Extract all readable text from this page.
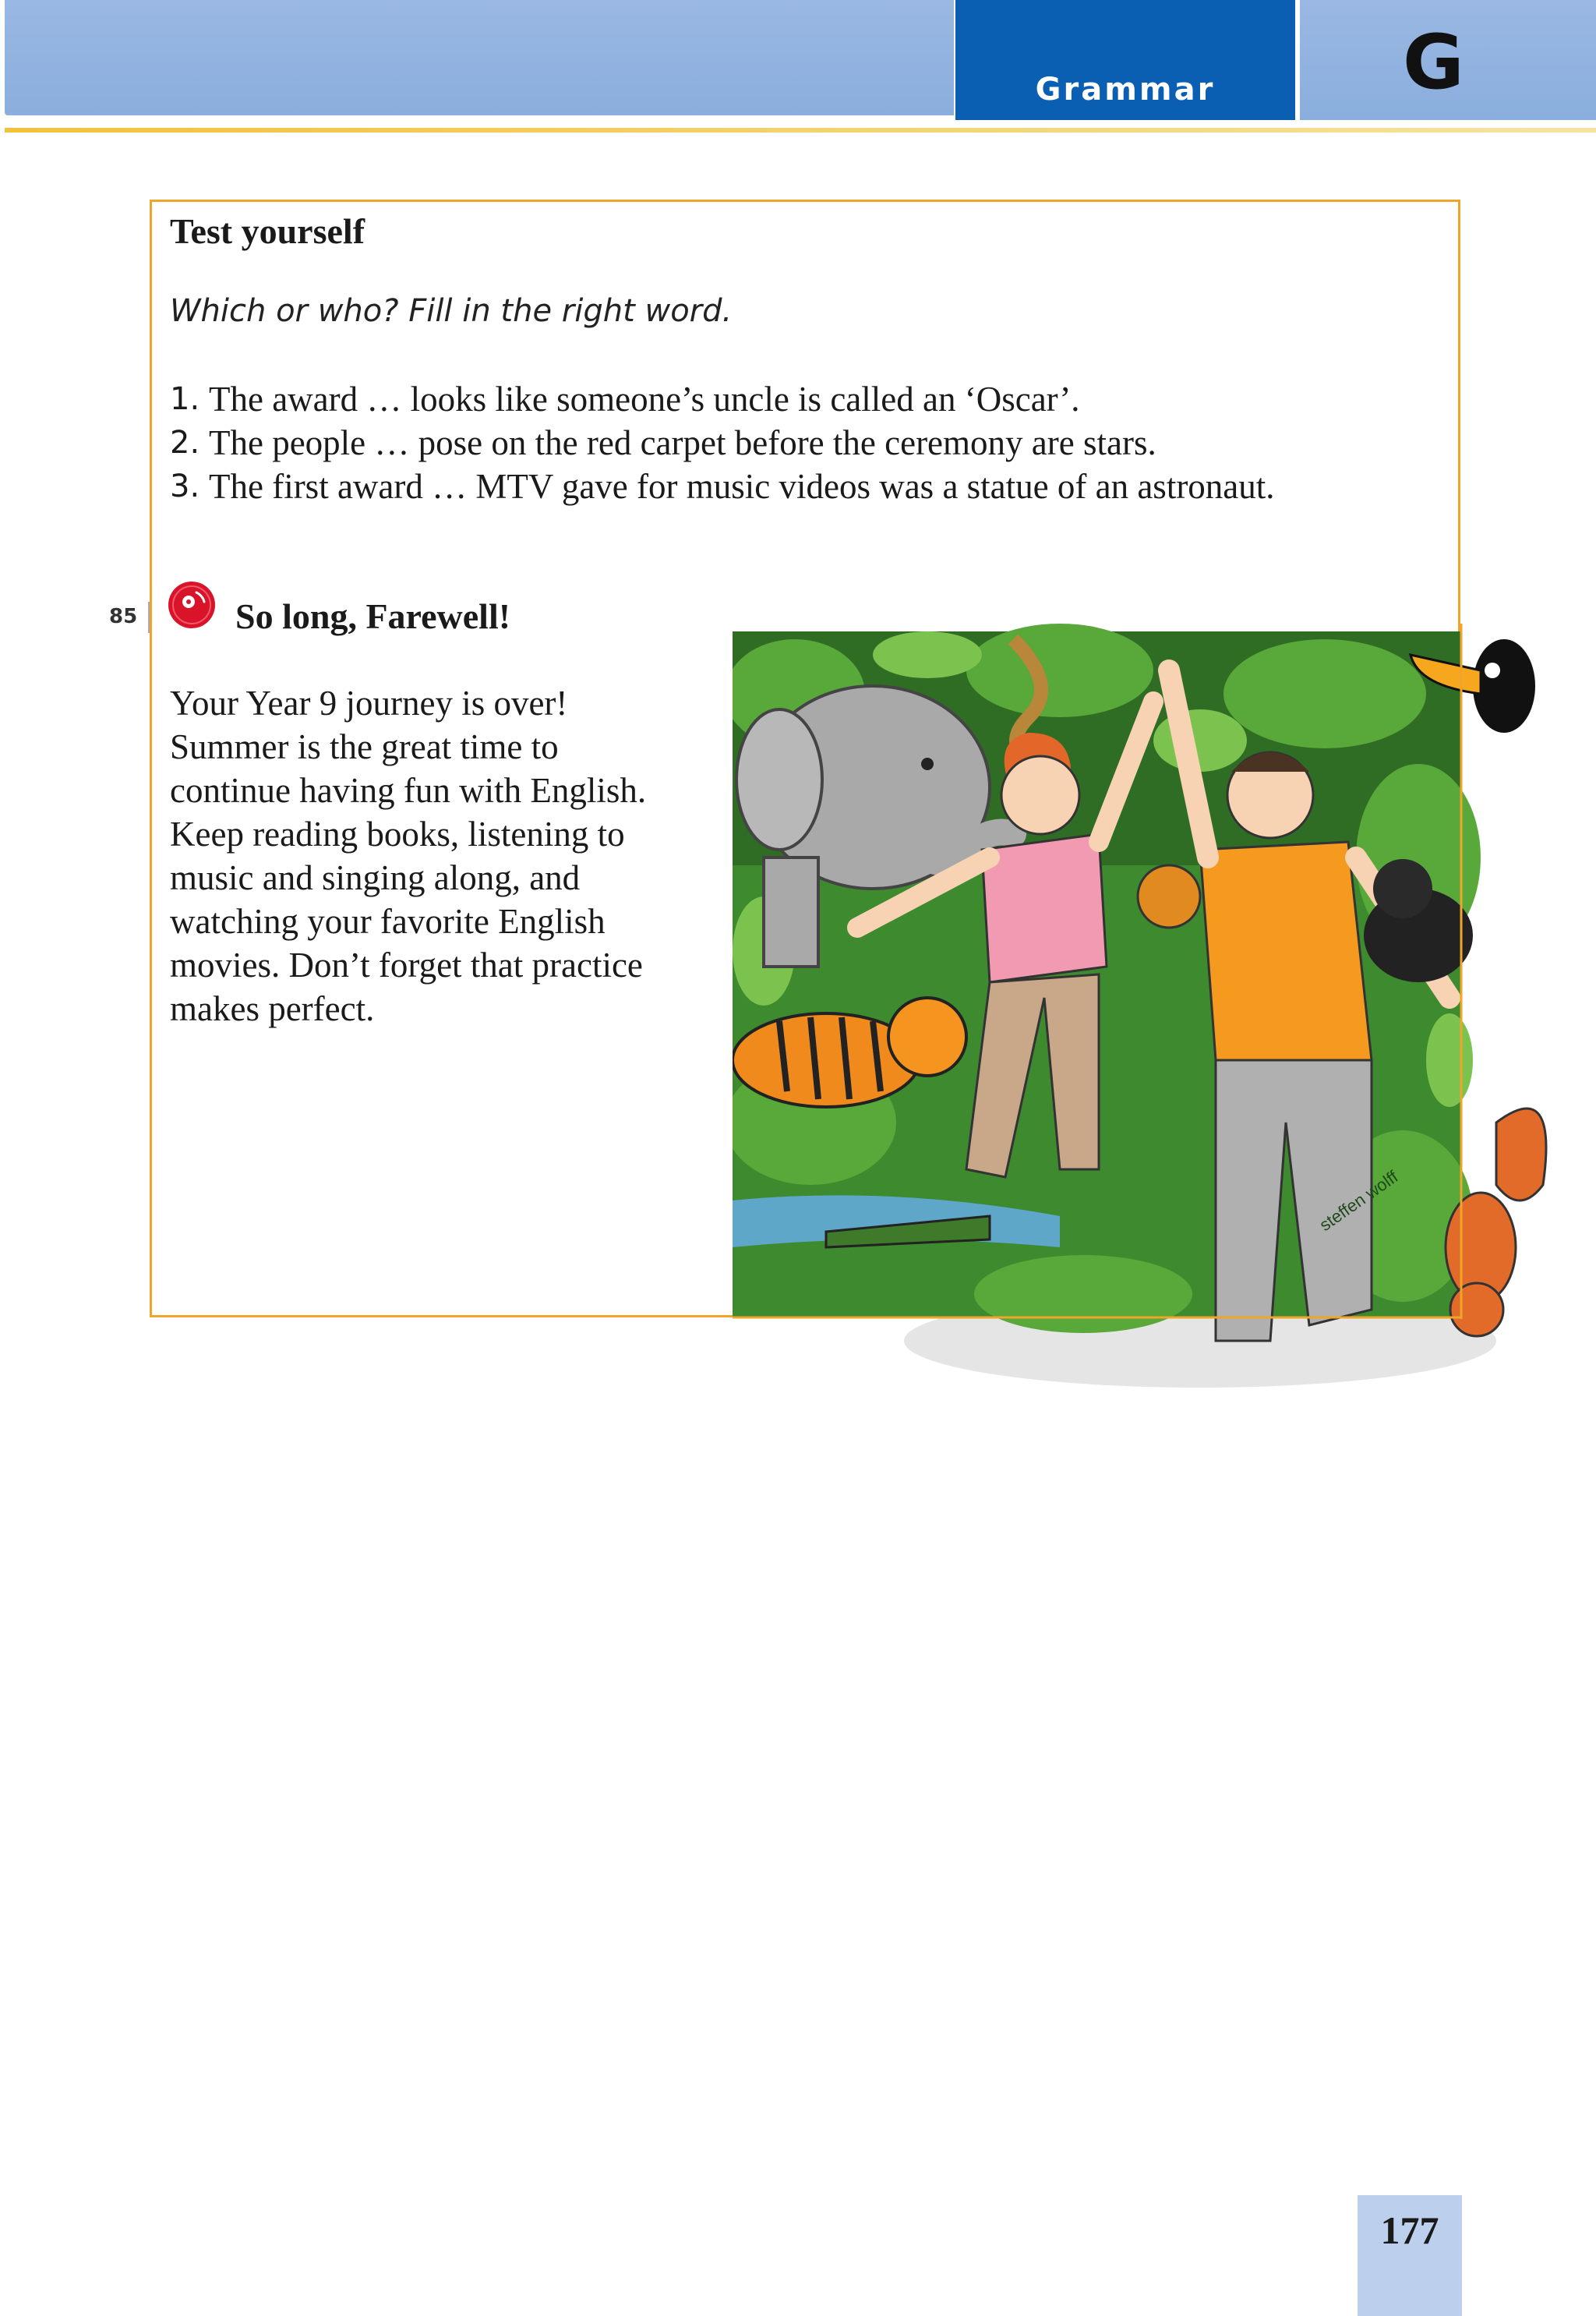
Grammar	G
Test yourself
Which or who? Fill in the right word.
1. The award … looks like someone’s uncle is called an ‘Oscar’.
2. The people … pose on the red carpet before the ceremony are stars.
3. The first award … MTV gave for music videos was a statue of an astronaut.
85	So long, Farewell!

Your Year 9 journey is over! Summer is the great time to continue having fun with English. Keep reading books, listening to music and singing along, and watching your favorite English movies. Don’t forget that practice makes perfect.

steffen wolff
177
